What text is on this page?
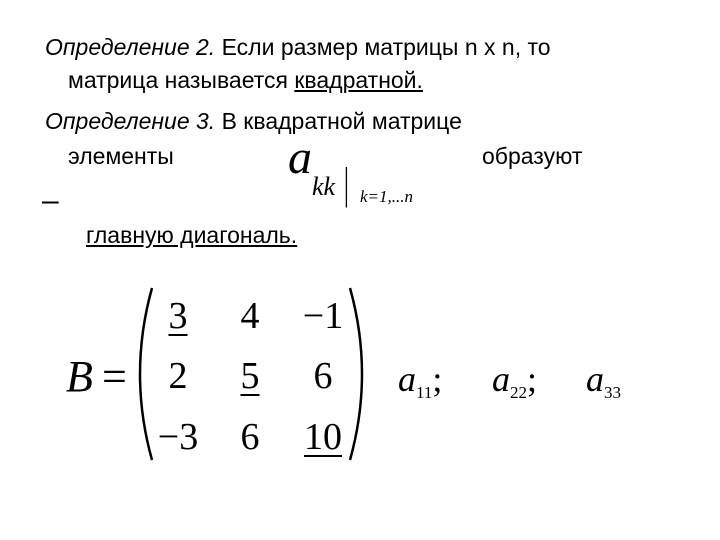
Определение 2. Если размер матрицы n x n, то
матрица называется квадратной.
Определение 3. В квадратной матрице
элементы	образуют
a
kk | k=1,...n
–
главную диагональ.
B =
3	4	−1
2	5	6
−3	6	10
$a_{11}$; $a_{22}$; $a_{33}$
